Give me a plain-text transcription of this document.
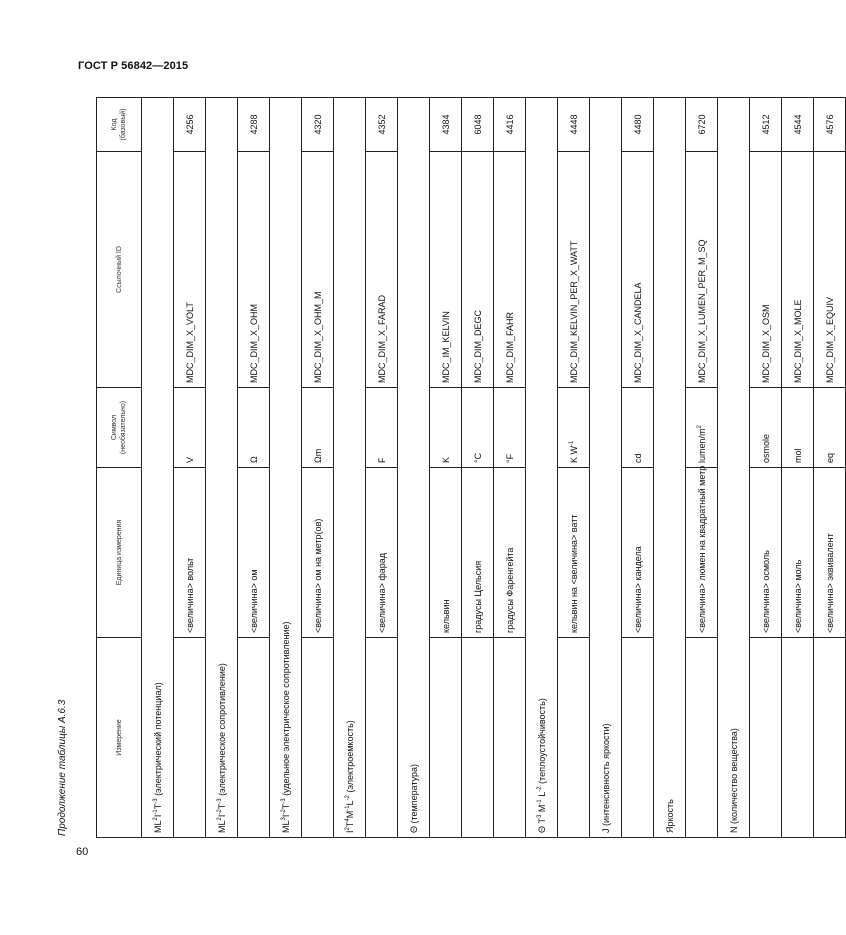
ГОСТ Р 56842—2015
Продолжение таблицы А.6.3	Измерение	Единица измерения	Символ (необязательно)	Ссылочный ID	Код (базовый)
$ML^2I^{-1}T^{-3}$ (электрический потенциал)				
	<величина> вольт	V	MDC_DIM_X_VOLT	4256
$ML^2I^{-2}T^{-3}$ (электрическое сопротивление)				
	<величина> ом	Ω	MDC_DIM_X_OHM	4288
$ML^3I^{-2}T^{-3}$ (удельное электрическое сопротивление)				
	<величина> ом на метр(ов)	Ωm	MDC_DIM_X_OHM_M	4320
$I^2T^4M^{-1}L^{-2}$ (электроемкость)				
	<величина> фарад	F	MDC_DIM_X_FARAD	4352
Θ (температура)				
	кельвин	K	MDC_IM_KELVIN	4384
	градусы Цельсия	°C	MDC_DIM_DEGC	6048
	градусы Фаренгейта	°F	MDC_DIM_FAHR	4416
Θ $T^3$ $M^{-1}$ $L^{-2}$ (теплоустойчивость)				
	кельвин на <величина> ватт	K $W^{-1}$	MDC_DIM_KELVIN_PER_X_WATT	4448
J (интенсивность яркости)				
	<величина> кандела	cd	MDC_DIM_X_CANDELA	4480
Яркость				
	<величина> люмен на квадратный метр	lumen/$m^2$	MDC_DIM_X_LUMEN_PER_M_SQ	6720
N (количество вещества)				
	<величина> осмоль	osmole	MDC_DIM_X_OSM	4512
	<величина> моль	mol	MDC_DIM_X_MOLE	4544
	<величина> эквивалент	eq	MDC_DIM_X_EQUIV	4576
60
